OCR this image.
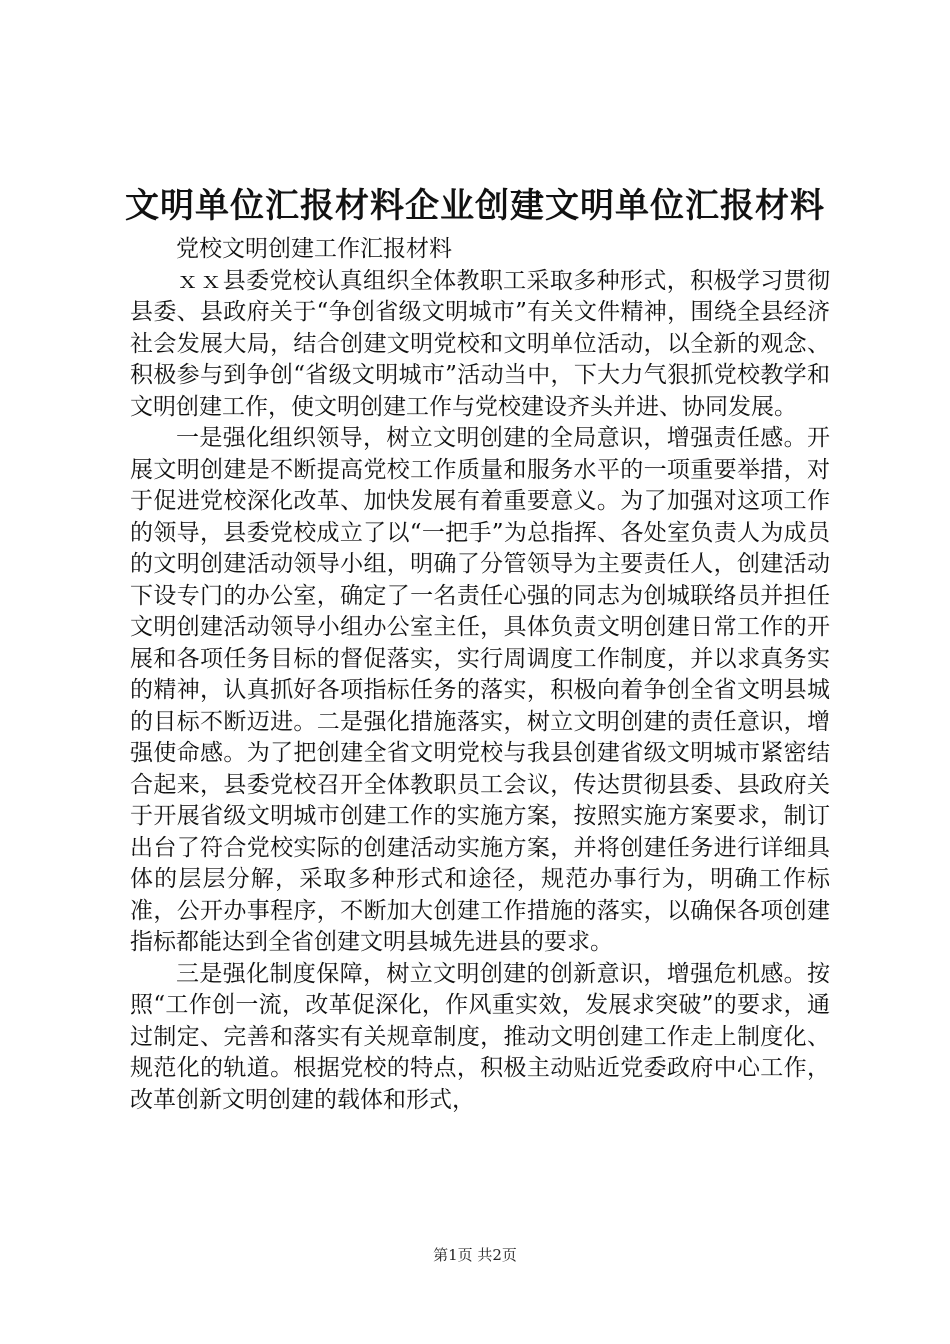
文明单位汇报材料企业创建文明单位汇报材料

党校文明创建工作汇报材料

ｘｘ县委党校认真组织全体教职工采取多种形式，积极学习贯彻县委、县政府关于“争创省级文明城市”有关文件精神，围绕全县经济社会发展大局，结合创建文明党校和文明单位活动，以全新的观念、积极参与到争创“省级文明城市”活动当中，下大力气狠抓党校教学和文明创建工作，使文明创建工作与党校建设齐头并进、协同发展。

一是强化组织领导，树立文明创建的全局意识，增强责任感。开展文明创建是不断提高党校工作质量和服务水平的一项重要举措，对于促进党校深化改革、加快发展有着重要意义。为了加强对这项工作的领导，县委党校成立了以“一把手”为总指挥、各处室负责人为成员的文明创建活动领导小组，明确了分管领导为主要责任人，创建活动下设专门的办公室，确定了一名责任心强的同志为创城联络员并担任文明创建活动领导小组办公室主任，具体负责文明创建日常工作的开展和各项任务目标的督促落实，实行周调度工作制度，并以求真务实的精神，认真抓好各项指标任务的落实，积极向着争创全省文明县城的目标不断迈进。二是强化措施落实，树立文明创建的责任意识，增强使命感。为了把创建全省文明党校与我县创建省级文明城市紧密结合起来，县委党校召开全体教职员工会议，传达贯彻县委、县政府关于开展省级文明城市创建工作的实施方案，按照实施方案要求，制订出台了符合党校实际的创建活动实施方案，并将创建任务进行详细具体的层层分解，采取多种形式和途径，规范办事行为，明确工作标准，公开办事程序，不断加大创建工作措施的落实，以确保各项创建指标都能达到全省创建文明县城先进县的要求。

三是强化制度保障，树立文明创建的创新意识，增强危机感。按照“工作创一流，改革促深化，作风重实效，发展求突破”的要求，通过制定、完善和落实有关规章制度，推动文明创建工作走上制度化、规范化的轨道。根据党校的特点，积极主动贴近党委政府中心工作，改革创新文明创建的载体和形式，

第1页 共2页
